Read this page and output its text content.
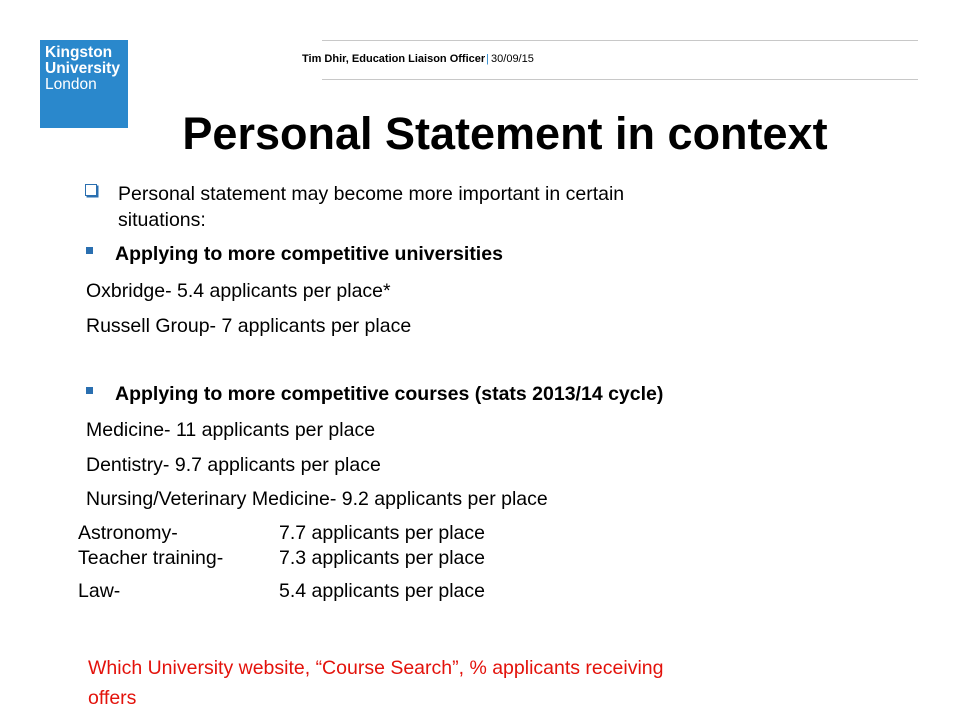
Kingston
University
London
Tim Dhir, Education Liaison Officer| 30/09/15
Personal Statement in context
Personal statement may become more important in certain
situations:
Applying to more competitive universities
Oxbridge- 5.4 applicants per place*
Russell Group- 7 applicants per place
Applying to more competitive courses (stats 2013/14 cycle)
Medicine- 11 applicants per place
Dentistry- 9.7 applicants per place
Nursing/Veterinary Medicine- 9.2 applicants per place
Astronomy-	7.7 applicants per place
Teacher training-	7.3 applicants per place
Law-	5.4 applicants per place
Which University website, “Course Search”, % applicants receiving
offers
